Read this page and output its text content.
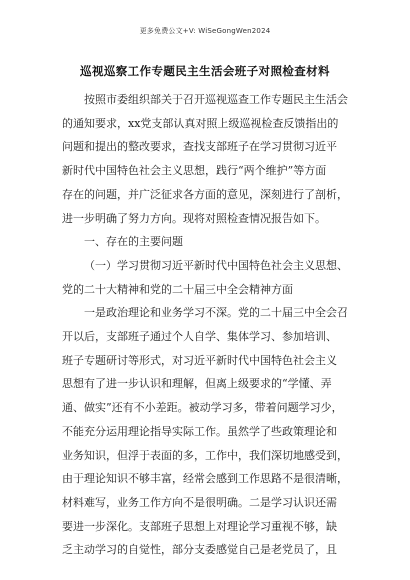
更多免费公文+V: WiSeGongWen2024
巡视巡察工作专题民主生活会班子对照检查材料
按照市委组织部关于召开巡视巡查工作专题民主生活会
的通知要求，xx党支部认真对照上级巡视检查反馈指出的
问题和提出的整改要求，查找支部班子在学习贯彻习近平
新时代中国特色社会主义思想，践行“两个维护”等方面
存在的问题，并广泛征求各方面的意见，深刻进行了剖析，
进一步明确了努力方向。现将对照检查情况报告如下。
一、存在的主要问题
（一）学习贯彻习近平新时代中国特色社会主义思想、
党的二十大精神和党的二十届三中全会精神方面
一是政治理论和业务学习不深。党的二十届三中全会召
开以后，支部班子通过个人自学、集体学习、参加培训、
班子专题研讨等形式，对习近平新时代中国特色社会主义
思想有了进一步认识和理解，但离上级要求的“学懂、弄
通、做实”还有不小差距。被动学习多，带着问题学习少，
不能充分运用理论指导实际工作。虽然学了些政策理论和
业务知识，但浮于表面的多，工作中，我们深切地感受到，
由于理论知识不够丰富，经常会感到工作思路不是很清晰，
材料难写，业务工作方向不是很明确。二是学习认识还需
要进一步深化。支部班子思想上对理论学习重视不够，缺
乏主动学习的自觉性，部分支委感觉自己是老党员了，且
